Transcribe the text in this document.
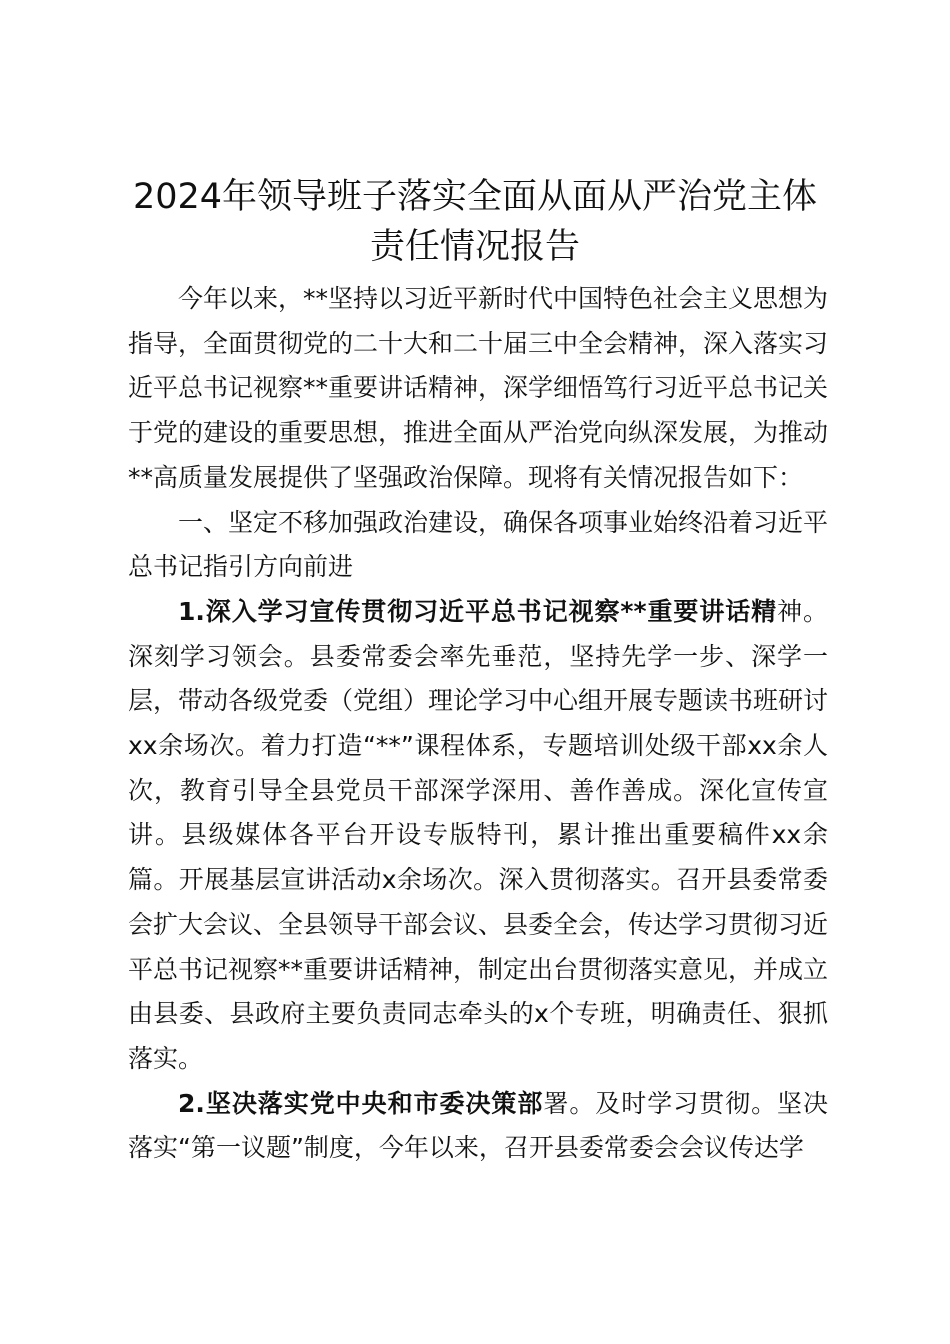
2024年领导班子落实全面从面从严治党主体
责任情况报告

今年以来，**坚持以习近平新时代中国特色社会主义思想为指导，全面贯彻党的二十大和二十届三中全会精神，深入落实习近平总书记视察**重要讲话精神，深学细悟笃行习近平总书记关于党的建设的重要思想，推进全面从严治党向纵深发展，为推动**高质量发展提供了坚强政治保障。现将有关情况报告如下：

一、坚定不移加强政治建设，确保各项事业始终沿着习近平总书记指引方向前进

1.深入学习宣传贯彻习近平总书记视察**重要讲话精神。深刻学习领会。县委常委会率先垂范，坚持先学一步、深学一层，带动各级党委（党组）理论学习中心组开展专题读书班研讨xx余场次。着力打造“**”课程体系，专题培训处级干部xx余人次，教育引导全县党员干部深学深用、善作善成。深化宣传宣讲。县级媒体各平台开设专版特刊，累计推出重要稿件xx余篇。开展基层宣讲活动x余场次。深入贯彻落实。召开县委常委会扩大会议、全县领导干部会议、县委全会，传达学习贯彻习近平总书记视察**重要讲话精神，制定出台贯彻落实意见，并成立由县委、县政府主要负责同志牵头的x个专班，明确责任、狠抓落实。

2.坚决落实党中央和市委决策部署。及时学习贯彻。坚决落实“第一议题”制度，今年以来，召开县委常委会会议传达学
